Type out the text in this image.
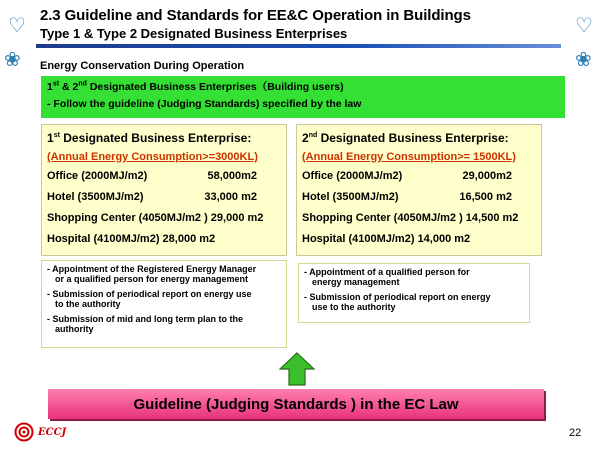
♡
❀
♡
❀
2.3 Guideline and Standards for EE&C Operation in Buildings
Type 1 & Type 2 Designated Business Enterprises
Energy Conservation During Operation
1st & 2nd Designated Business Enterprises（Building users)
- Follow the guideline (Judging Standards) specified by the law
1st Designated Business Enterprise:
(Annual Energy Consumption>=3000KL)
Office (2000MJ/m2)	58,000m2
Hotel (3500MJ/m2)	33,000 m2
Shopping Center (4050MJ/m2 ) 29,000 m2
Hospital (4100MJ/m2) 28,000 m2
2nd Designated Business Enterprise:
(Annual Energy Consumption>= 1500KL)
Office (2000MJ/m2)	29,000m2
Hotel (3500MJ/m2)	16,500 m2
Shopping Center (4050MJ/m2 ) 14,500 m2
Hospital (4100MJ/m2) 14,000 m2
- Appointment of the Registered Energy Manager
or a qualified person for energy management
- Submission of periodical report on energy use
to the authority
- Submission of mid and long term plan to the
authority
- Appointment of a qualified person for
energy management
- Submission of periodical report on energy
use to the authority
Guideline (Judging Standards ) in the EC Law
ECCJ	22
